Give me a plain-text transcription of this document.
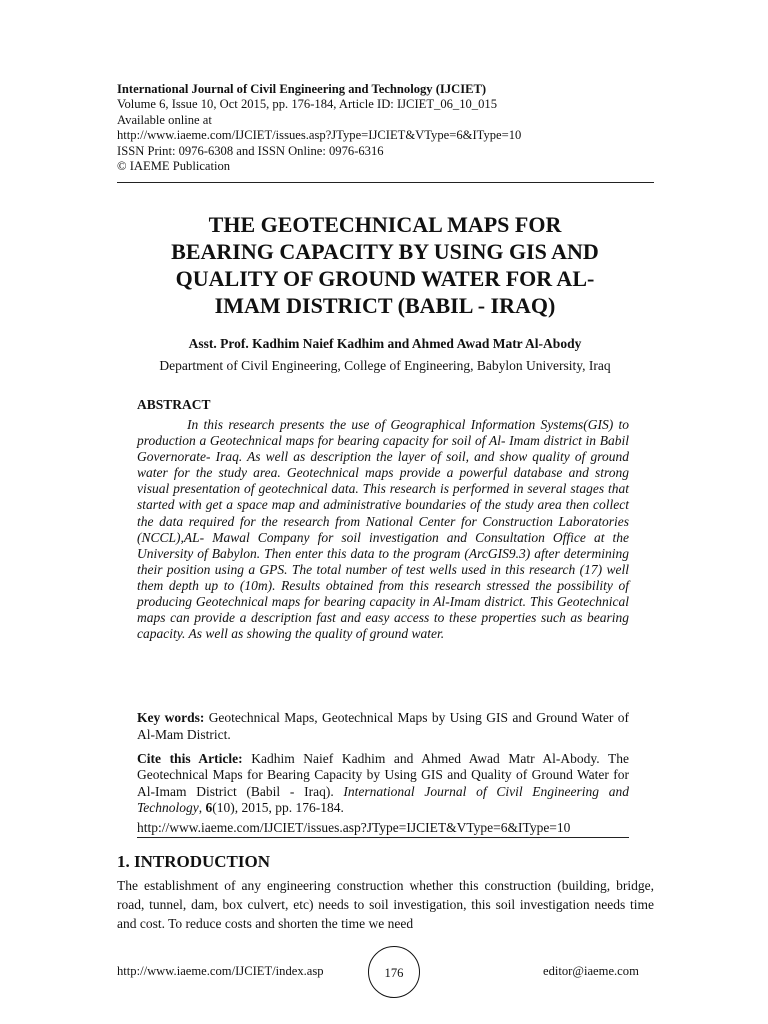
International Journal of Civil Engineering and Technology (IJCIET)
Volume 6, Issue 10, Oct 2015, pp. 176-184, Article ID: IJCIET_06_10_015
Available online at
http://www.iaeme.com/IJCIET/issues.asp?JType=IJCIET&VType=6&IType=10
ISSN Print: 0976-6308 and ISSN Online: 0976-6316
© IAEME Publication
THE GEOTECHNICAL MAPS FOR
BEARING CAPACITY BY USING GIS AND
QUALITY OF GROUND WATER FOR AL-
IMAM DISTRICT (BABIL - IRAQ)
Asst. Prof. Kadhim Naief Kadhim and Ahmed Awad Matr Al-Abody
Department of Civil Engineering, College of Engineering, Babylon University, Iraq
ABSTRACT
In this research presents the use of Geographical Information Systems(GIS) to production a Geotechnical maps for bearing capacity for soil of Al- Imam district in Babil Governorate- Iraq. As well as description the layer of soil, and show quality of ground water for the study area. Geotechnical maps provide a powerful database and strong visual presentation of geotechnical data. This research is performed in several stages that started with get a space map and administrative boundaries of the study area then collect the data required for the research from National Center for Construction Laboratories (NCCL),AL- Mawal Company for soil investigation and Consultation Office at the University of Babylon. Then enter this data to the program (ArcGIS9.3) after determining their position using a GPS. The total number of test wells used in this research (17) well them depth up to (10m). Results obtained from this research stressed the possibility of producing Geotechnical maps for bearing capacity in Al-Imam district. This Geotechnical maps can provide a description fast and easy access to these properties such as bearing capacity. As well as showing the quality of ground water.
Key words: Geotechnical Maps, Geotechnical Maps by Using GIS and Ground Water of Al-Mam District.
Cite this Article: Kadhim Naief Kadhim and Ahmed Awad Matr Al-Abody. The Geotechnical Maps for Bearing Capacity by Using GIS and Quality of Ground Water for Al-Imam District (Babil - Iraq). International Journal of Civil Engineering and Technology, 6(10), 2015, pp. 176-184.
http://www.iaeme.com/IJCIET/issues.asp?JType=IJCIET&VType=6&IType=10
1. INTRODUCTION
The establishment of any engineering construction whether this construction (building, bridge, road, tunnel, dam, box culvert, etc) needs to soil investigation, this soil investigation needs time and cost. To reduce costs and shorten the time we need
http://www.iaeme.com/IJCIET/index.asp	176	editor@iaeme.com
